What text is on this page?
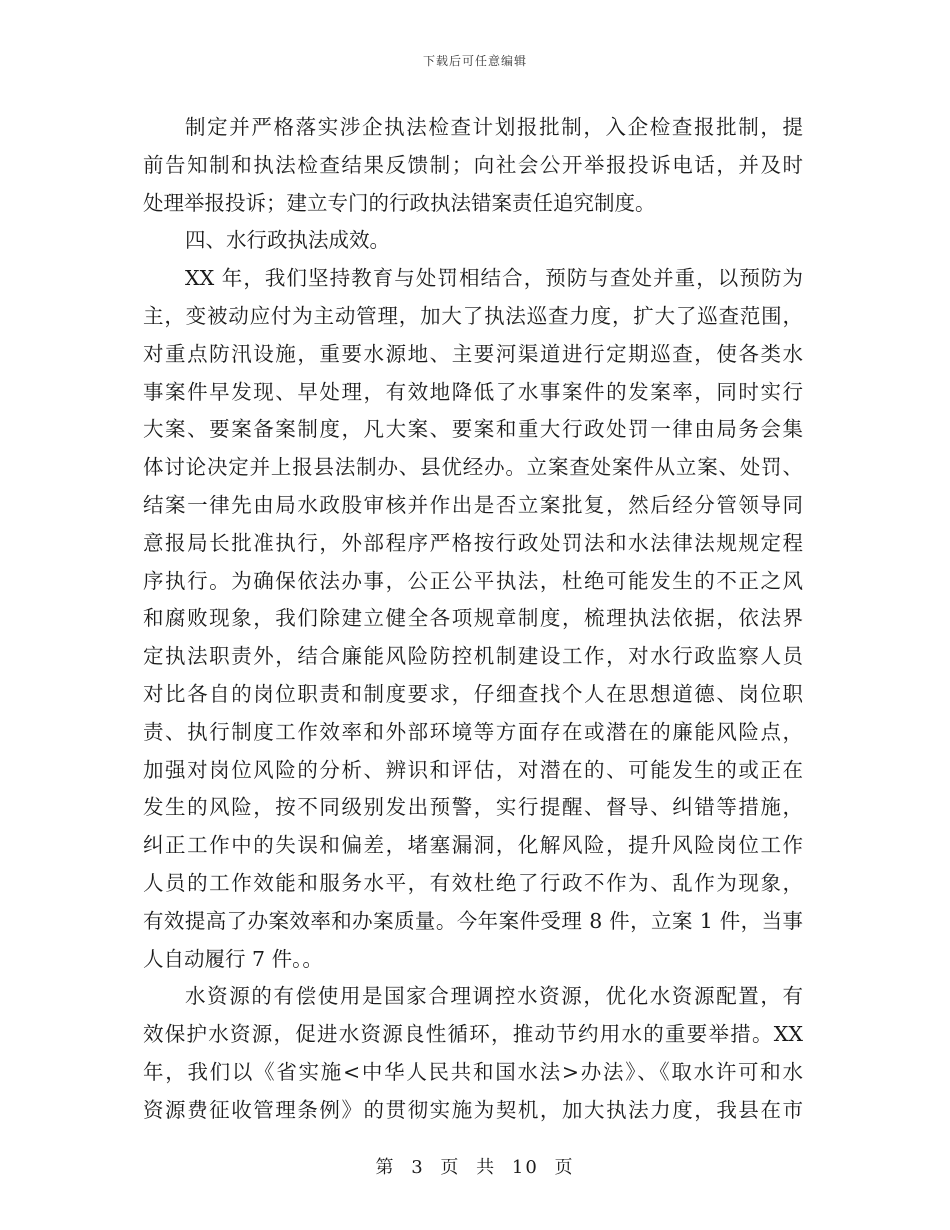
下载后可任意编辑
制定并严格落实涉企执法检查计划报批制，入企检查报批制，提
前告知制和执法检查结果反馈制；向社会公开举报投诉电话，并及时
处理举报投诉；建立专门的行政执法错案责任追究制度。
四、水行政执法成效。
XX 年，我们坚持教育与处罚相结合，预防与查处并重，以预防为
主，变被动应付为主动管理，加大了执法巡查力度，扩大了巡查范围，
对重点防汛设施，重要水源地、主要河渠道进行定期巡查，使各类水
事案件早发现、早处理，有效地降低了水事案件的发案率，同时实行
大案、要案备案制度，凡大案、要案和重大行政处罚一律由局务会集
体讨论决定并上报县法制办、县优经办。立案查处案件从立案、处罚、
结案一律先由局水政股审核并作出是否立案批复，然后经分管领导同
意报局长批准执行，外部程序严格按行政处罚法和水法律法规规定程
序执行。为确保依法办事，公正公平执法，杜绝可能发生的不正之风
和腐败现象，我们除建立健全各项规章制度，梳理执法依据，依法界
定执法职责外，结合廉能风险防控机制建设工作，对水行政监察人员
对比各自的岗位职责和制度要求，仔细查找个人在思想道德、岗位职
责、执行制度工作效率和外部环境等方面存在或潜在的廉能风险点，
加强对岗位风险的分析、辨识和评估，对潜在的、可能发生的或正在
发生的风险，按不同级别发出预警，实行提醒、督导、纠错等措施，
纠正工作中的失误和偏差，堵塞漏洞，化解风险，提升风险岗位工作
人员的工作效能和服务水平，有效杜绝了行政不作为、乱作为现象，
有效提高了办案效率和办案质量。今年案件受理 8 件，立案 1 件，当事
人自动履行 7 件。。
水资源的有偿使用是国家合理调控水资源，优化水资源配置，有
效保护水资源，促进水资源良性循环，推动节约用水的重要举措。XX
年，我们以《省实施<中华人民共和国水法>办法》、《取水许可和水
资源费征收管理条例》的贯彻实施为契机，加大执法力度，我县在市
第 3 页 共 10 页
